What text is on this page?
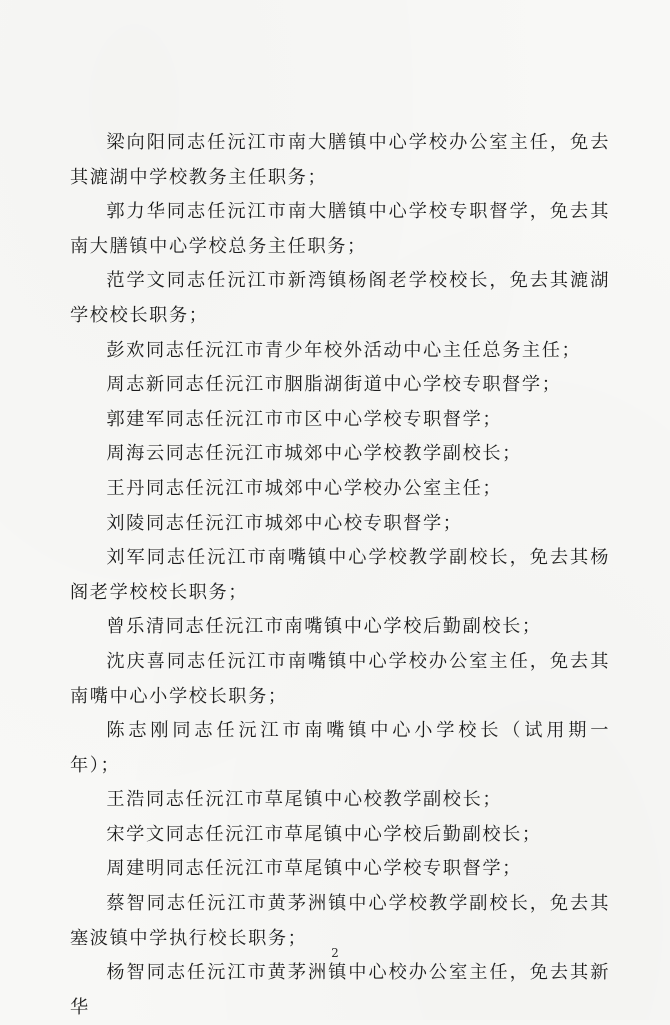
梁向阳同志任沅江市南大膳镇中心学校办公室主任，免去其漉湖中学校教务主任职务；

郭力华同志任沅江市南大膳镇中心学校专职督学，免去其南大膳镇中心学校总务主任职务；

范学文同志任沅江市新湾镇杨阁老学校校长，免去其漉湖学校校长职务；

彭欢同志任沅江市青少年校外活动中心主任总务主任；

周志新同志任沅江市胭脂湖街道中心学校专职督学；

郭建军同志任沅江市市区中心学校专职督学；

周海云同志任沅江市城郊中心学校教学副校长；

王丹同志任沅江市城郊中心学校办公室主任；

刘陵同志任沅江市城郊中心校专职督学；

刘军同志任沅江市南嘴镇中心学校教学副校长，免去其杨阁老学校校长职务；

曾乐清同志任沅江市南嘴镇中心学校后勤副校长；

沈庆喜同志任沅江市南嘴镇中心学校办公室主任，免去其南嘴中心小学校长职务；

陈志刚同志任沅江市南嘴镇中心小学校长（试用期一年）；

王浩同志任沅江市草尾镇中心校教学副校长；

宋学文同志任沅江市草尾镇中心学校后勤副校长；

周建明同志任沅江市草尾镇中心学校专职督学；

蔡智同志任沅江市黄茅洲镇中心学校教学副校长，免去其塞波镇中学执行校长职务；

杨智同志任沅江市黄茅洲镇中心校办公室主任，免去其新华

2
